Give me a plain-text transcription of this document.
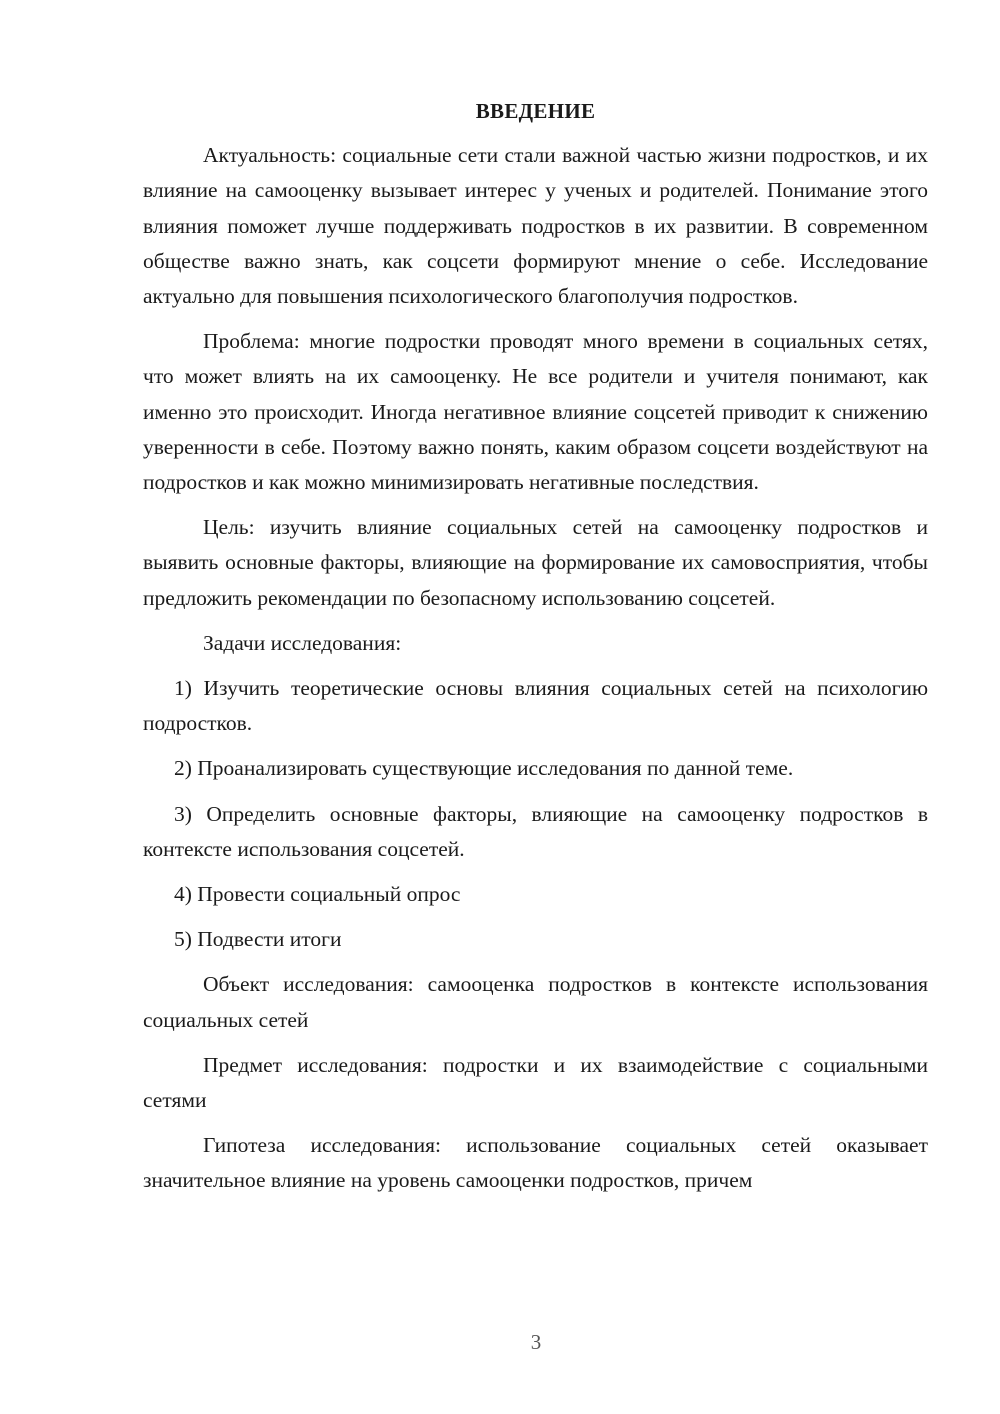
ВВЕДЕНИЕ

Актуальность: социальные сети стали важной частью жизни подростков, и их влияние на самооценку вызывает интерес у ученых и родителей. Понимание этого влияния поможет лучше поддерживать подростков в их развитии. В современном обществе важно знать, как соцсети формируют мнение о себе. Исследование актуально для повышения психологического благополучия подростков.

Проблема: многие подростки проводят много времени в социальных сетях, что может влиять на их самооценку. Не все родители и учителя понимают, как именно это происходит. Иногда негативное влияние соцсетей приводит к снижению уверенности в себе. Поэтому важно понять, каким образом соцсети воздействуют на подростков и как можно минимизировать негативные последствия.

Цель: изучить влияние социальных сетей на самооценку подростков и выявить основные факторы, влияющие на формирование их самовосприятия, чтобы предложить рекомендации по безопасному использованию соцсетей.

Задачи исследования:

1) Изучить теоретические основы влияния социальных сетей на психологию подростков.

2) Проанализировать существующие исследования по данной теме.

3) Определить основные факторы, влияющие на самооценку подростков в контексте использования соцсетей.

4) Провести социальный опрос

5) Подвести итоги

Объект исследования: самооценка подростков в контексте использования социальных сетей

Предмет исследования: подростки и их взаимодействие с социальными сетями

Гипотеза исследования: использование социальных сетей оказывает значительное влияние на уровень самооценки подростков, причем

3
